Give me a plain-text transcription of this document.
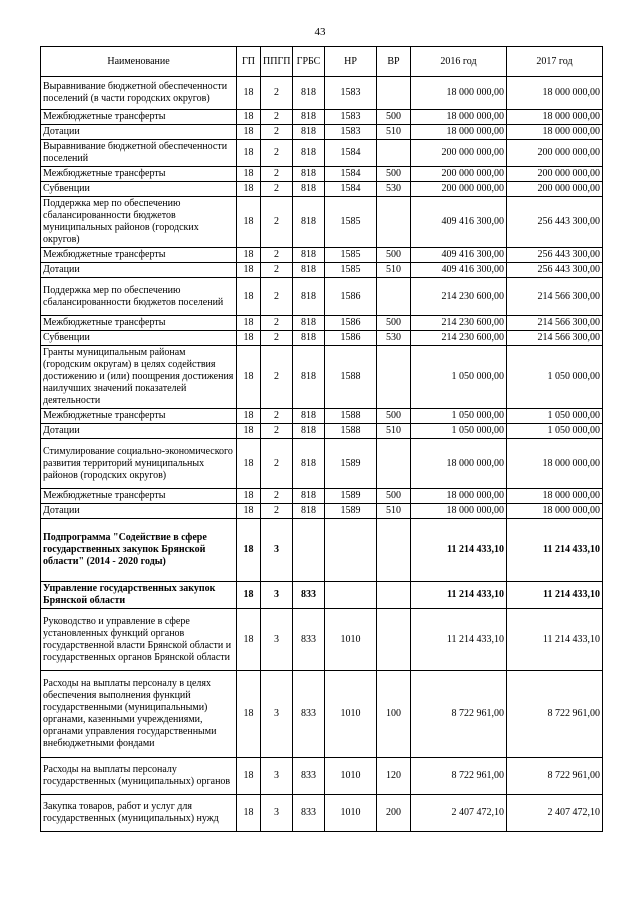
43
Наименование	ГП	ППГП	ГРБС	НР	ВР	2016 год	2017 год
Выравнивание бюджетной обеспеченности поселений (в части городских округов)	18	2	818	1583		18 000 000,00	18 000 000,00
Межбюджетные трансферты	18	2	818	1583	500	18 000 000,00	18 000 000,00
Дотации	18	2	818	1583	510	18 000 000,00	18 000 000,00
Выравнивание бюджетной обеспеченности поселений	18	2	818	1584		200 000 000,00	200 000 000,00
Межбюджетные трансферты	18	2	818	1584	500	200 000 000,00	200 000 000,00
Субвенции	18	2	818	1584	530	200 000 000,00	200 000 000,00
Поддержка мер по обеспечению сбалансированности бюджетов муниципальных районов (городских округов)	18	2	818	1585		409 416 300,00	256 443 300,00
Межбюджетные трансферты	18	2	818	1585	500	409 416 300,00	256 443 300,00
Дотации	18	2	818	1585	510	409 416 300,00	256 443 300,00
Поддержка мер по обеспечению сбалансированности бюджетов поселений	18	2	818	1586		214 230 600,00	214 566 300,00
Межбюджетные трансферты	18	2	818	1586	500	214 230 600,00	214 566 300,00
Субвенции	18	2	818	1586	530	214 230 600,00	214 566 300,00
Гранты муниципальным районам (городским округам) в целях содействия достижению и (или) поощрения достижения наилучших значений показателей деятельности	18	2	818	1588		1 050 000,00	1 050 000,00
Межбюджетные трансферты	18	2	818	1588	500	1 050 000,00	1 050 000,00
Дотации	18	2	818	1588	510	1 050 000,00	1 050 000,00
Стимулирование социально-экономического развития территорий муниципальных районов (городских округов)	18	2	818	1589		18 000 000,00	18 000 000,00
Межбюджетные трансферты	18	2	818	1589	500	18 000 000,00	18 000 000,00
Дотации	18	2	818	1589	510	18 000 000,00	18 000 000,00
Подпрограмма "Содействие в сфере государственных закупок Брянской области" (2014 - 2020 годы)	18	3				11 214 433,10	11 214 433,10
Управление государственных закупок Брянской области	18	3	833			11 214 433,10	11 214 433,10
Руководство и управление в сфере установленных функций органов государственной власти Брянской области и государственных органов Брянской области	18	3	833	1010		11 214 433,10	11 214 433,10
Расходы на выплаты персоналу в целях обеспечения выполнения функций государственными (муниципальными) органами, казенными учреждениями, органами управления государственными внебюджетными фондами	18	3	833	1010	100	8 722 961,00	8 722 961,00
Расходы на выплаты персоналу государственных (муниципальных) органов	18	3	833	1010	120	8 722 961,00	8 722 961,00
Закупка товаров, работ и услуг для государственных (муниципальных) нужд	18	3	833	1010	200	2 407 472,10	2 407 472,10
